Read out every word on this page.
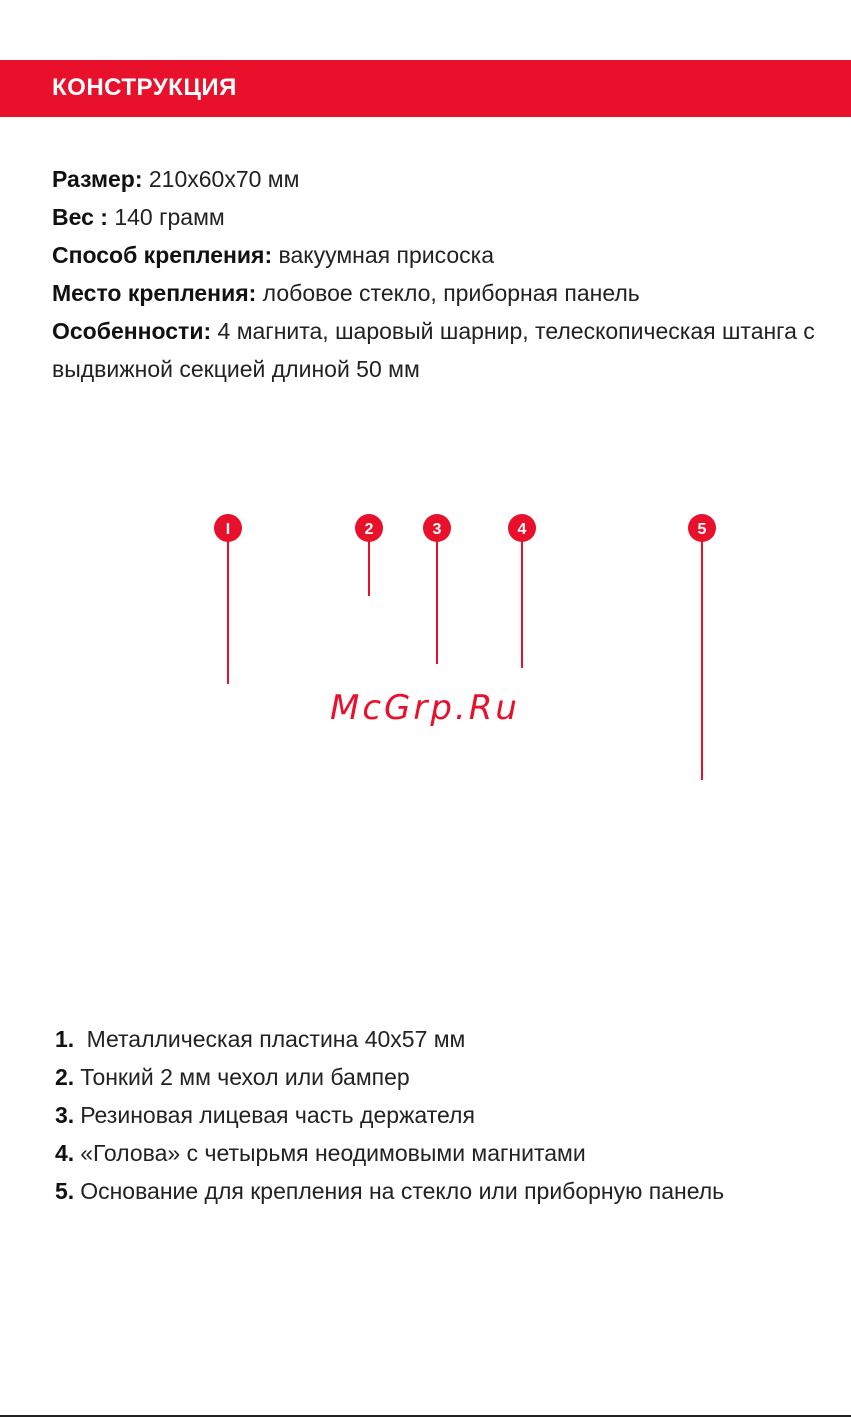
КОНСТРУКЦИЯ
Размер: 210x60x70 мм
Вес : 140 грамм
Способ крепления: вакуумная присоска
Место крепления: лобовое стекло, приборная панель
Особенности: 4 магнита, шаровый шарнир, телескопическая штанга с выдвижной секцией длиной 50 мм
I	2	3	4	5
McGrp.Ru
1. Металлическая пластина 40x57 мм
2. Тонкий 2 мм чехол или бампер
3. Резиновая лицевая часть держателя
4. «Голова» с четырьмя неодимовыми магнитами
5. Основание для крепления на стекло или приборную панель
